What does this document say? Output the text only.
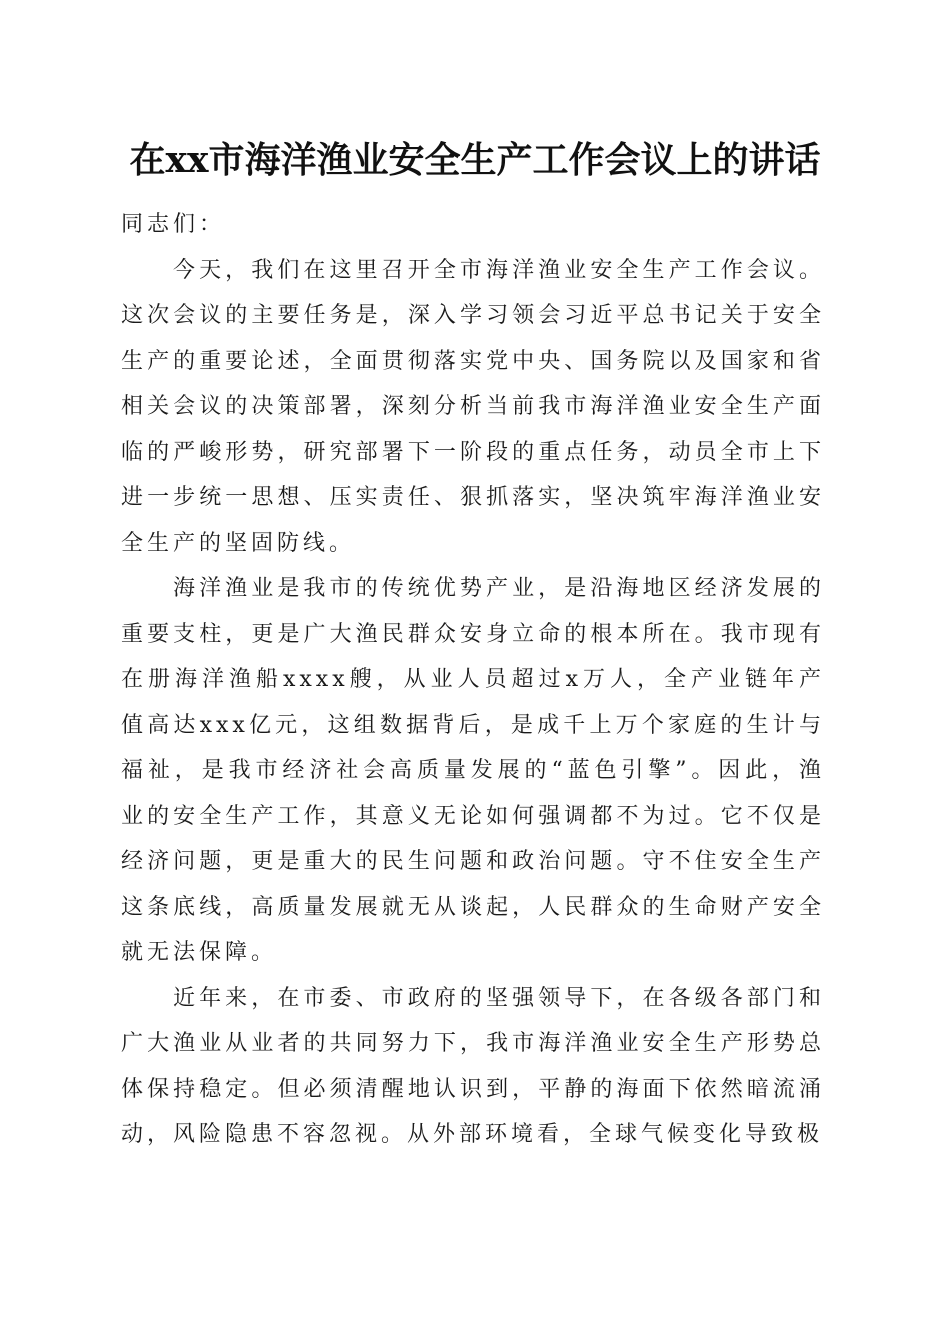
在xx市海洋渔业安全生产工作会议上的讲话

同志们：

今天，我们在这里召开全市海洋渔业安全生产工作会议。这次会议的主要任务是，深入学习领会习近平总书记关于安全生产的重要论述，全面贯彻落实党中央、国务院以及国家和省相关会议的决策部署，深刻分析当前我市海洋渔业安全生产面临的严峻形势，研究部署下一阶段的重点任务，动员全市上下进一步统一思想、压实责任、狠抓落实，坚决筑牢海洋渔业安全生产的坚固防线。

海洋渔业是我市的传统优势产业，是沿海地区经济发展的重要支柱，更是广大渔民群众安身立命的根本所在。我市现有在册海洋渔船xxxx艘，从业人员超过x万人，全产业链年产值高达xxx亿元，这组数据背后，是成千上万个家庭的生计与福祉，是我市经济社会高质量发展的“蓝色引擎”。因此，渔业的安全生产工作，其意义无论如何强调都不为过。它不仅是经济问题，更是重大的民生问题和政治问题。守不住安全生产这条底线，高质量发展就无从谈起，人民群众的生命财产安全就无法保障。

近年来，在市委、市政府的坚强领导下，在各级各部门和广大渔业从业者的共同努力下，我市海洋渔业安全生产形势总体保持稳定。但必须清醒地认识到，平静的海面下依然暗流涌动，风险隐患不容忽视。从外部环境看，全球气候变化导致极
